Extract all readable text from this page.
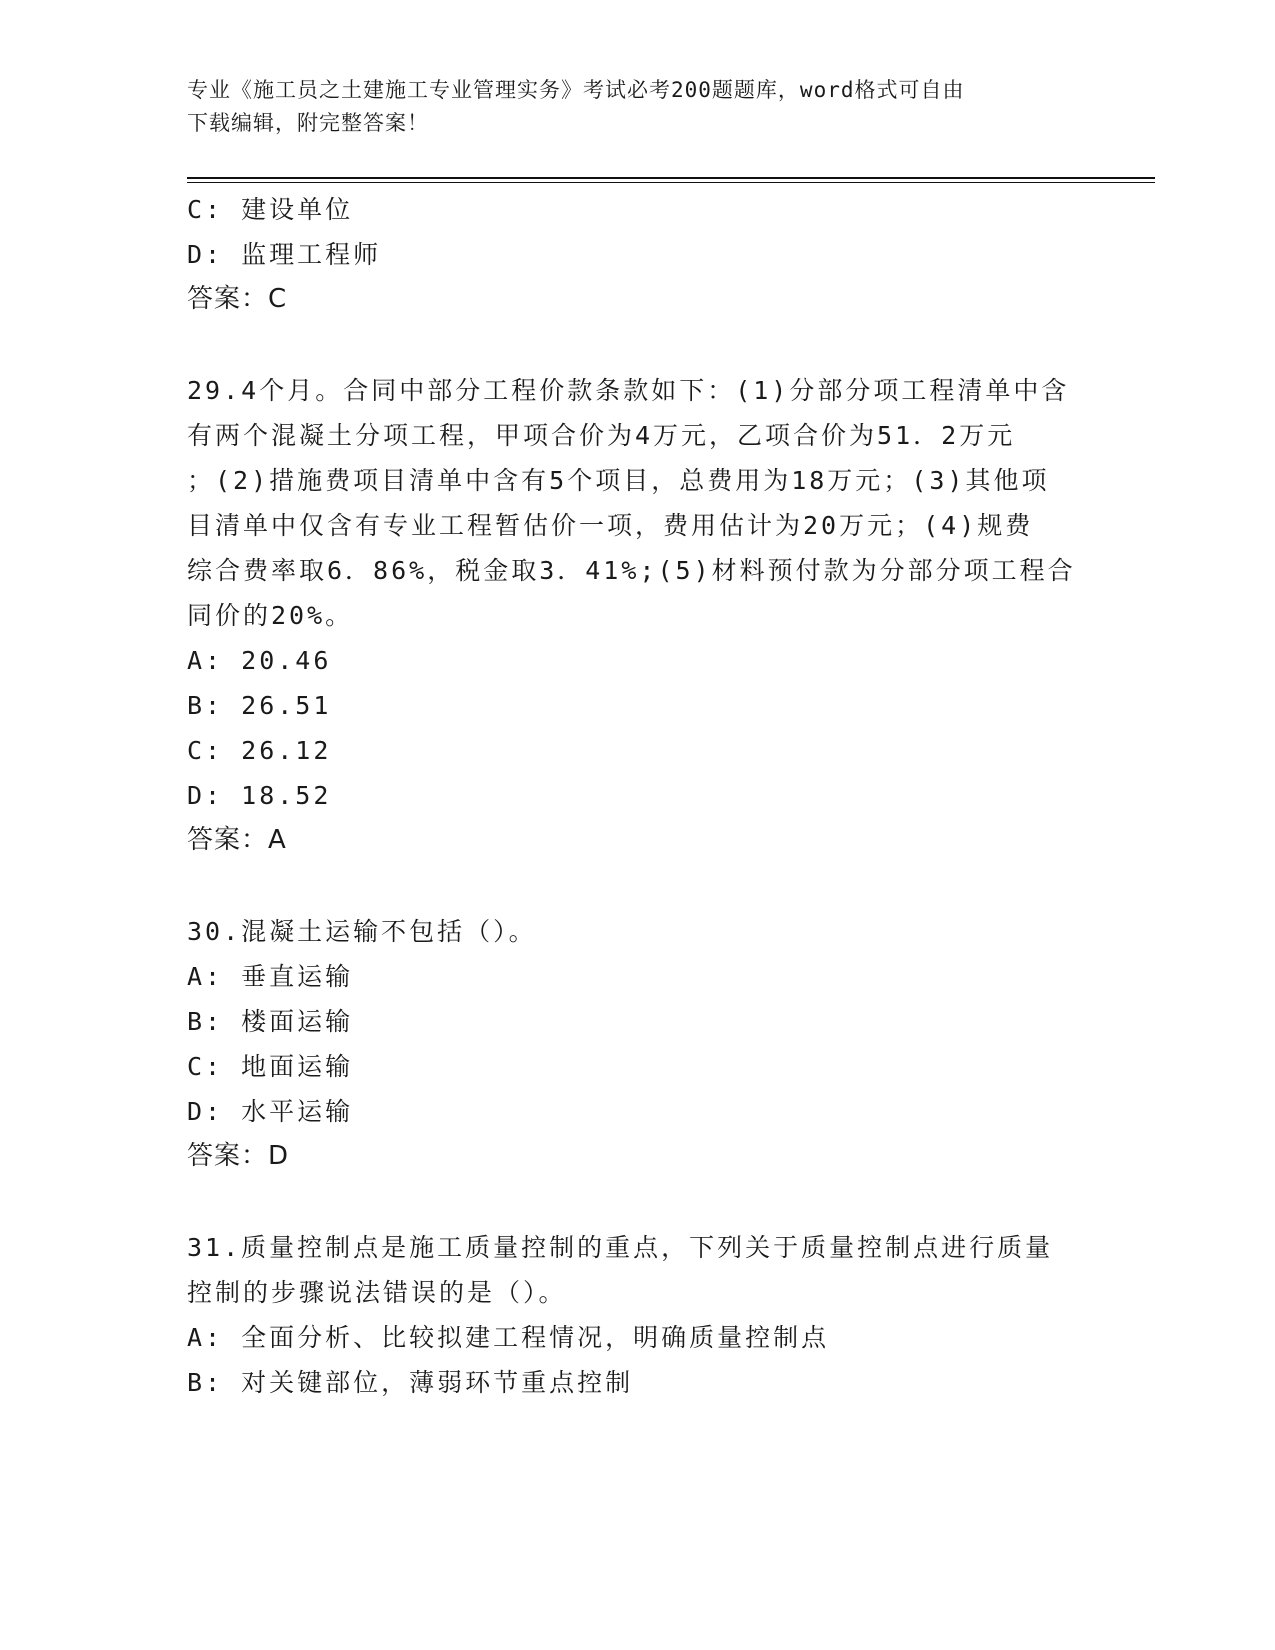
专业《施工员之土建施工专业管理实务》考试必考200题题库，word格式可自由
下载编辑，附完整答案！
C: 建设单位
D: 监理工程师
答案：C
29.4个月。合同中部分工程价款条款如下：(1)分部分项工程清单中含
有两个混凝土分项工程，甲项合价为4万元，乙项合价为51．2万元
；(2)措施费项目清单中含有5个项目，总费用为18万元；(3)其他项
目清单中仅含有专业工程暂估价一项，费用估计为20万元；(4)规费
综合费率取6．86%，税金取3．41%;(5)材料预付款为分部分项工程合
同价的20%。
A: 20.46
B: 26.51
C: 26.12
D: 18.52
答案：A
30.混凝土运输不包括（）。
A: 垂直运输
B: 楼面运输
C: 地面运输
D: 水平运输
答案：D
31.质量控制点是施工质量控制的重点，下列关于质量控制点进行质量
控制的步骤说法错误的是（）。
A: 全面分析、比较拟建工程情况，明确质量控制点
B: 对关键部位，薄弱环节重点控制
